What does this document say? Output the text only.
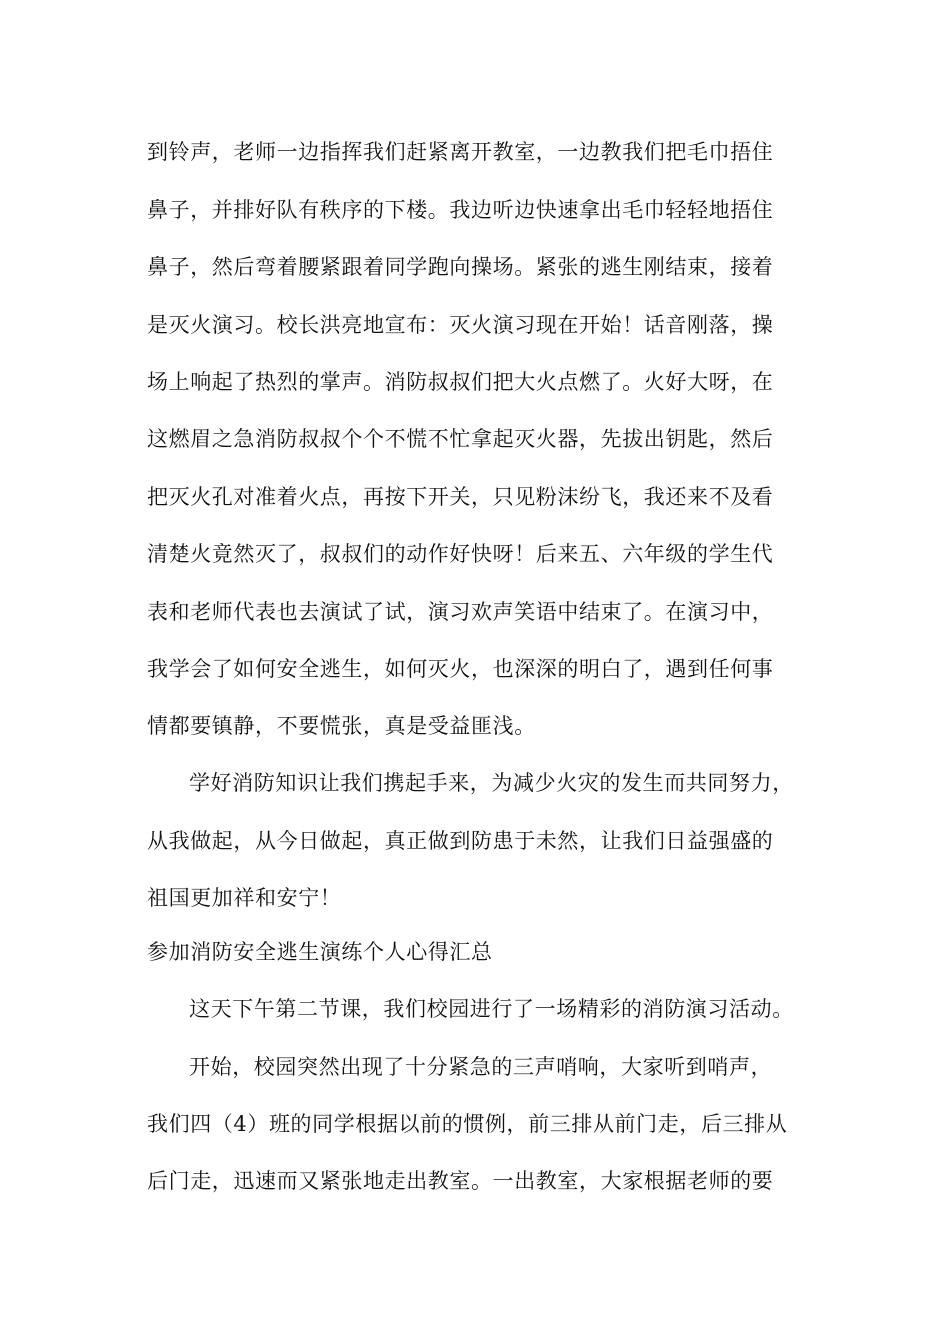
到铃声，老师一边指挥我们赶紧离开教室，一边教我们把毛巾捂住
鼻子，并排好队有秩序的下楼。我边听边快速拿出毛巾轻轻地捂住
鼻子，然后弯着腰紧跟着同学跑向操场。紧张的逃生刚结束，接着
是灭火演习。校长洪亮地宣布：灭火演习现在开始！话音刚落，操
场上响起了热烈的掌声。消防叔叔们把大火点燃了。火好大呀，在
这燃眉之急消防叔叔个个不慌不忙拿起灭火器，先拔出钥匙，然后
把灭火孔对准着火点，再按下开关，只见粉沫纷飞，我还来不及看
清楚火竟然灭了，叔叔们的动作好快呀！后来五、六年级的学生代
表和老师代表也去演试了试，演习欢声笑语中结束了。在演习中，
我学会了如何安全逃生，如何灭火，也深深的明白了，遇到任何事
情都要镇静，不要慌张，真是受益匪浅。
学好消防知识让我们携起手来，为减少火灾的发生而共同努力，
从我做起，从今日做起，真正做到防患于未然，让我们日益强盛的
祖国更加祥和安宁！
参加消防安全逃生演练个人心得汇总
这天下午第二节课，我们校园进行了一场精彩的消防演习活动。
开始，校园突然出现了十分紧急的三声哨响，大家听到哨声，
我们四（4）班的同学根据以前的惯例，前三排从前门走，后三排从
后门走，迅速而又紧张地走出教室。一出教室，大家根据老师的要
